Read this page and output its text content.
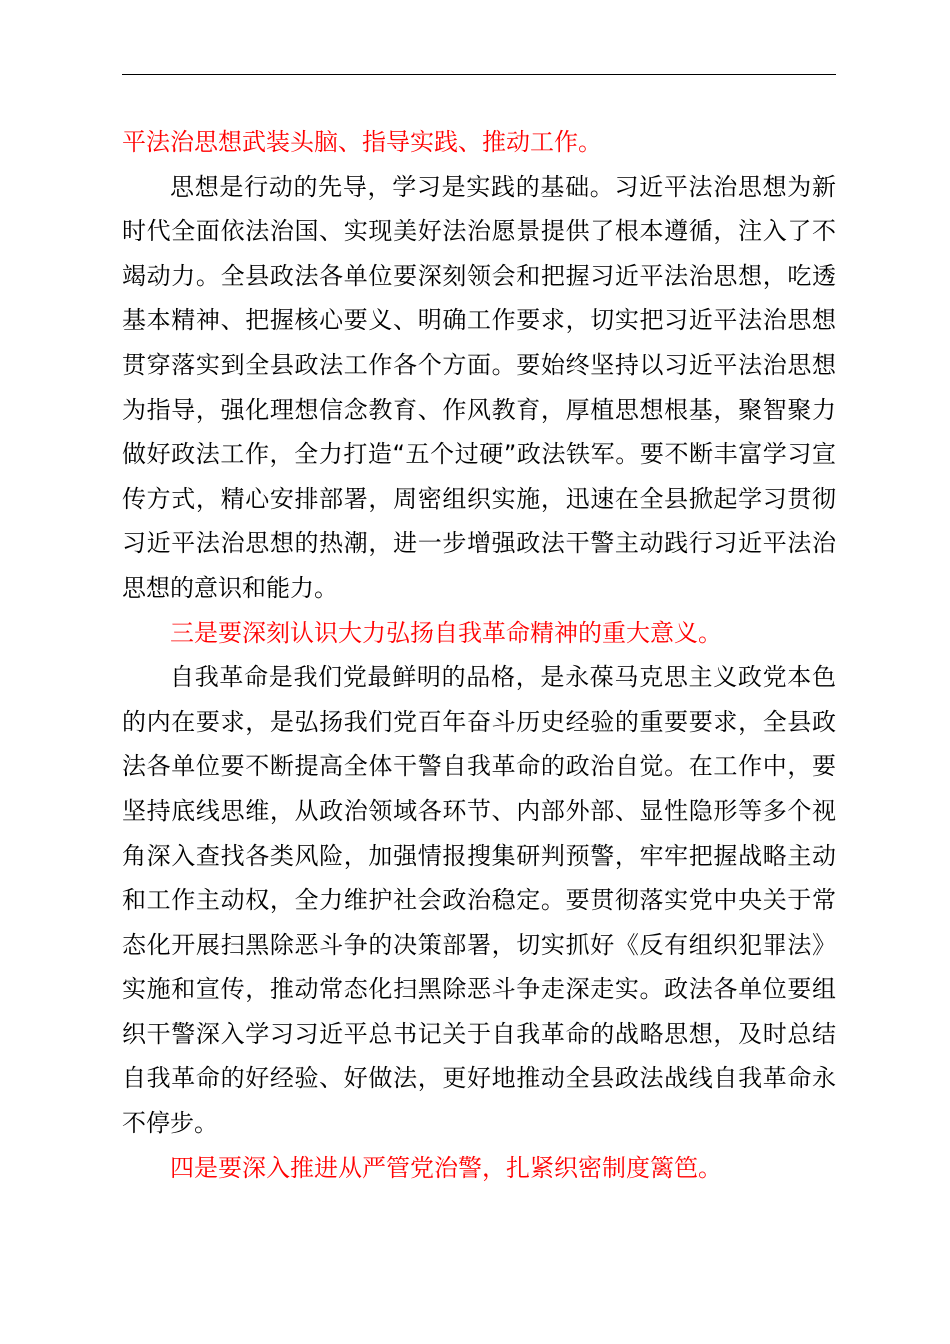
平法治思想武装头脑、指导实践、推动工作。

思想是行动的先导，学习是实践的基础。习近平法治思想为新时代全面依法治国、实现美好法治愿景提供了根本遵循，注入了不竭动力。全县政法各单位要深刻领会和把握习近平法治思想，吃透基本精神、把握核心要义、明确工作要求，切实把习近平法治思想贯穿落实到全县政法工作各个方面。要始终坚持以习近平法治思想为指导，强化理想信念教育、作风教育，厚植思想根基，聚智聚力做好政法工作，全力打造“五个过硬”政法铁军。要不断丰富学习宣传方式，精心安排部署，周密组织实施，迅速在全县掀起学习贯彻习近平法治思想的热潮，进一步增强政法干警主动践行习近平法治思想的意识和能力。

三是要深刻认识大力弘扬自我革命精神的重大意义。

自我革命是我们党最鲜明的品格，是永葆马克思主义政党本色的内在要求，是弘扬我们党百年奋斗历史经验的重要要求，全县政法各单位要不断提高全体干警自我革命的政治自觉。在工作中，要坚持底线思维，从政治领域各环节、内部外部、显性隐形等多个视角深入查找各类风险，加强情报搜集研判预警，牢牢把握战略主动和工作主动权，全力维护社会政治稳定。要贯彻落实党中央关于常态化开展扫黑除恶斗争的决策部署，切实抓好《反有组织犯罪法》实施和宣传，推动常态化扫黑除恶斗争走深走实。政法各单位要组织干警深入学习习近平总书记关于自我革命的战略思想，及时总结自我革命的好经验、好做法，更好地推动全县政法战线自我革命永不停步。

四是要深入推进从严管党治警，扎紧织密制度篱笆。
